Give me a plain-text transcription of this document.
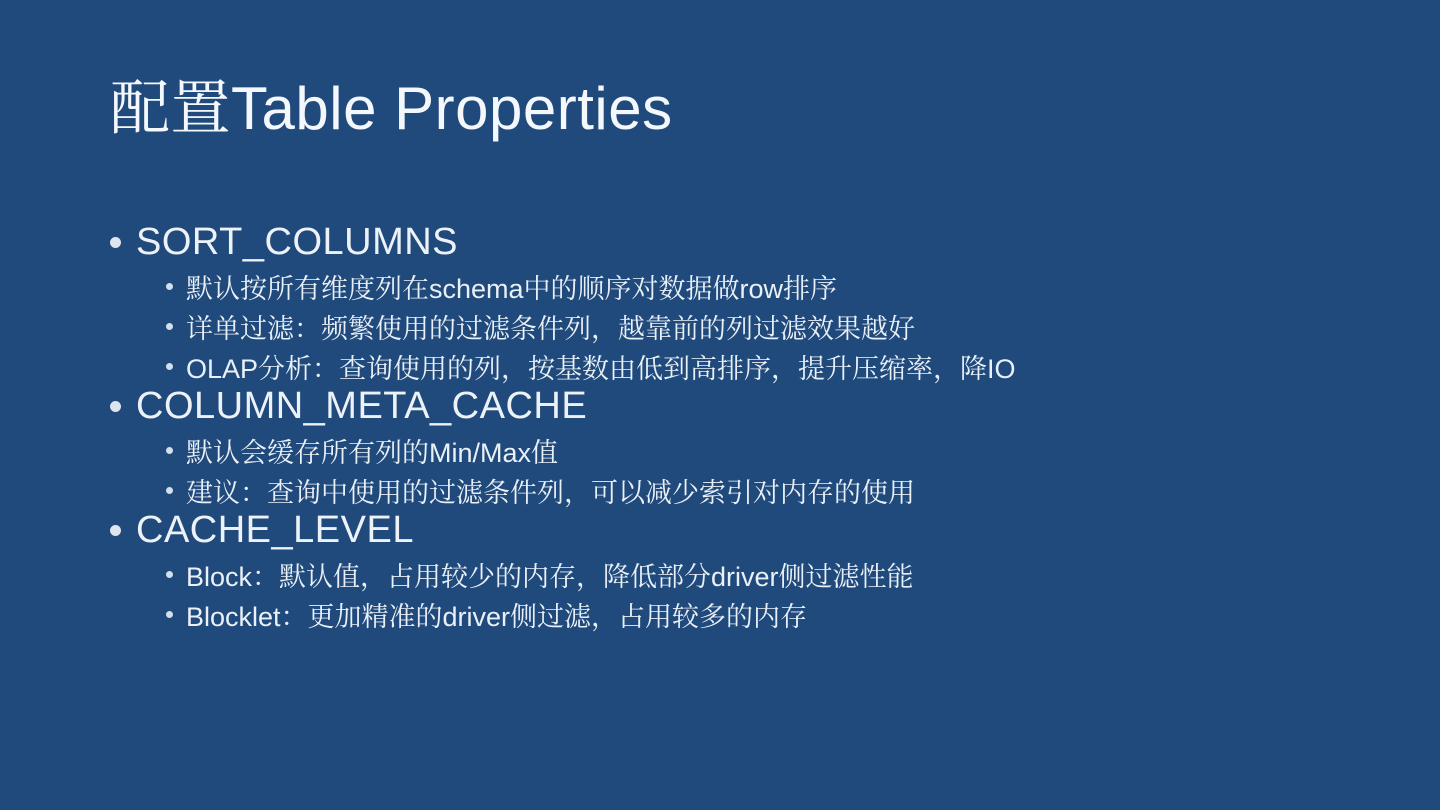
配置Table Properties
SORT_COLUMNS
默认按所有维度列在schema中的顺序对数据做row排序
详单过滤：频繁使用的过滤条件列，越靠前的列过滤效果越好
OLAP分析：查询使用的列，按基数由低到高排序，提升压缩率，降IO
COLUMN_META_CACHE
默认会缓存所有列的Min/Max值
建议：查询中使用的过滤条件列，可以减少索引对内存的使用
CACHE_LEVEL
Block：默认值，占用较少的内存，降低部分driver侧过滤性能
Blocklet：更加精准的driver侧过滤，占用较多的内存
